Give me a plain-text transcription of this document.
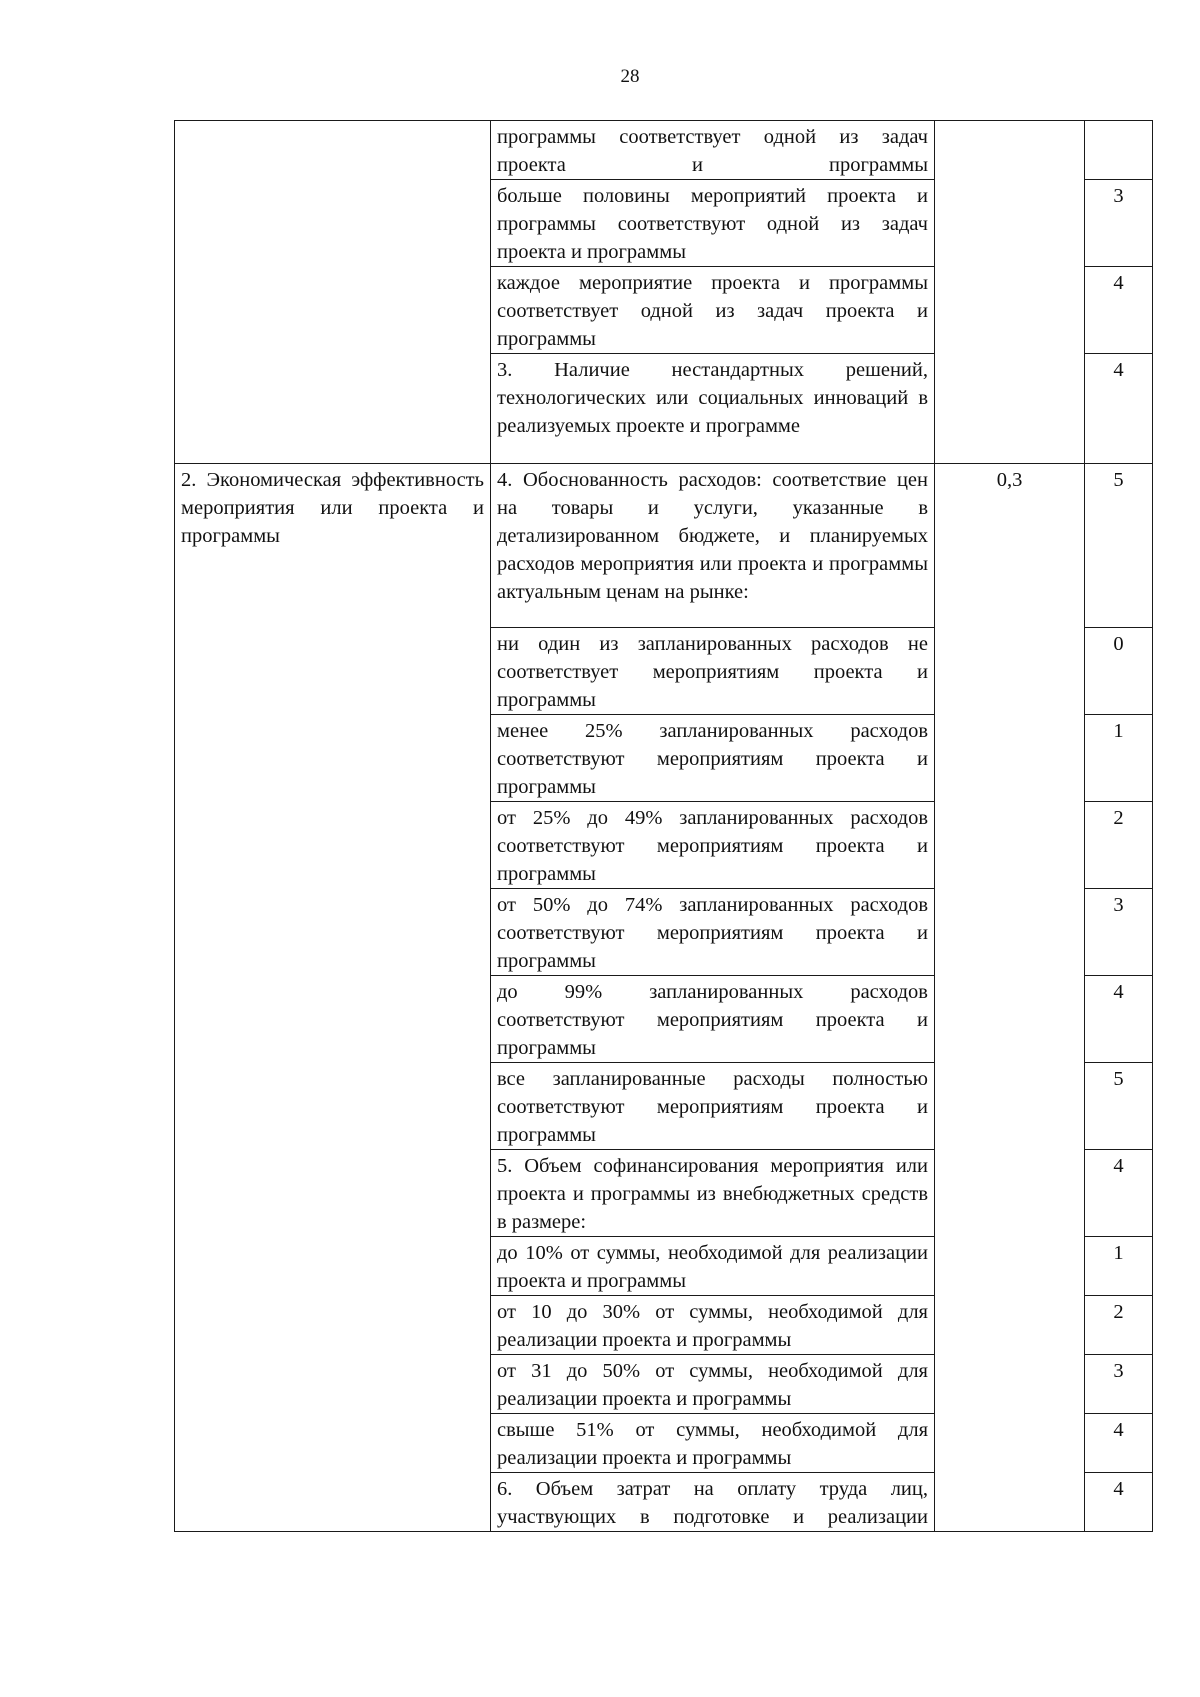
28
	программы соответствует одной из задач проекта и программы		
	больше половины мероприятий проекта и программы соответствуют одной из задач проекта и программы		3
	каждое мероприятие проекта и программы соответствует одной из задач проекта и программы		4
	3. Наличие нестандартных решений, технологических или социальных инноваций в реализуемых проекте и программе		4
2. Экономическая эффективность мероприятия или проекта и программы	4. Обоснованность расходов: соответствие цен на товары и услуги, указанные в детализированном бюджете, и планируемых расходов мероприятия или проекта и программы актуальным ценам на рынке:	0,3	5
	ни один из запланированных расходов не соответствует мероприятиям проекта и программы		0
	менее 25% запланированных расходов соответствуют мероприятиям проекта и программы		1
	от 25% до 49% запланированных расходов соответствуют мероприятиям проекта и программы		2
	от 50% до 74% запланированных расходов соответствуют мероприятиям проекта и программы		3
	до 99% запланированных расходов соответствуют мероприятиям проекта и программы		4
	все запланированные расходы полностью соответствуют мероприятиям проекта и программы		5
	5. Объем софинансирования мероприятия или проекта и программы из внебюджетных средств в размере:		4
	до 10% от суммы, необходимой для реализации проекта и программы		1
	от 10 до 30% от суммы, необходимой для реализации проекта и программы		2
	от 31 до 50% от суммы, необходимой для реализации проекта и программы		3
	свыше 51% от суммы, необходимой для реализации проекта и программы		4
	6. Объем затрат на оплату труда лиц, участвующих в подготовке и реализации		4
